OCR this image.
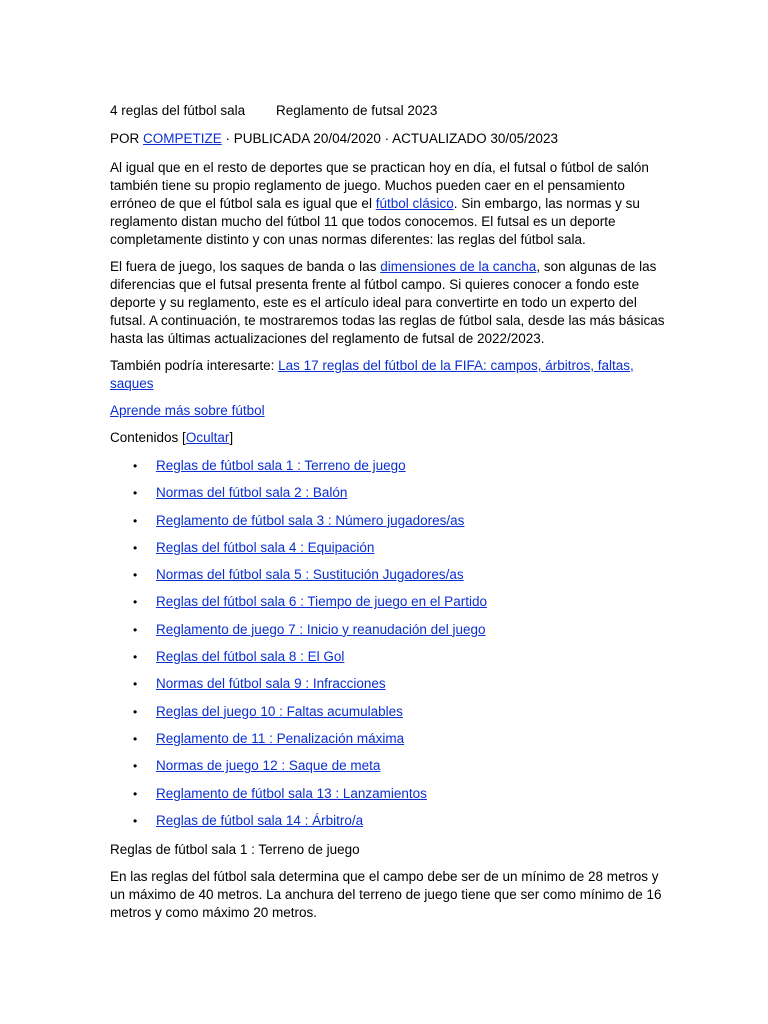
4 reglas del fútbol sala	Reglamento de futsal 2023

POR COMPETIZE · PUBLICADA 20/04/2020 · ACTUALIZADO 30/05/2023

Al igual que en el resto de deportes que se practican hoy en día, el futsal o fútbol de salón también tiene su propio reglamento de juego. Muchos pueden caer en el pensamiento erróneo de que el fútbol sala es igual que el fútbol clásico. Sin embargo, las normas y su reglamento distan mucho del fútbol 11 que todos conocemos. El futsal es un deporte completamente distinto y con unas normas diferentes: las reglas del fútbol sala.

El fuera de juego, los saques de banda o las dimensiones de la cancha, son algunas de las diferencias que el futsal presenta frente al fútbol campo. Si quieres conocer a fondo este deporte y su reglamento, este es el artículo ideal para convertirte en todo un experto del futsal. A continuación, te mostraremos todas las reglas de fútbol sala, desde las más básicas hasta las últimas actualizaciones del reglamento de futsal de 2022/2023.

También podría interesarte: Las 17 reglas del fútbol de la FIFA: campos, árbitros, faltas, saques

Aprende más sobre fútbol

Contenidos [Ocultar]

• Reglas de fútbol sala 1 : Terreno de juego
• Normas del fútbol sala 2 : Balón
• Reglamento de fútbol sala 3 : Número jugadores/as
• Reglas del fútbol sala 4 : Equipación
• Normas del fútbol sala 5 : Sustitución Jugadores/as
• Reglas del fútbol sala 6 : Tiempo de juego en el Partido
• Reglamento de juego 7 : Inicio y reanudación del juego
• Reglas del fútbol sala 8 : El Gol
• Normas del fútbol sala 9 : Infracciones
• Reglas del juego 10 : Faltas acumulables
• Reglamento de 11 : Penalización máxima
• Normas de juego 12 : Saque de meta
• Reglamento de fútbol sala 13 : Lanzamientos
• Reglas de fútbol sala 14 : Árbitro/a

Reglas de fútbol sala 1 : Terreno de juego

En las reglas del fútbol sala determina que el campo debe ser de un mínimo de 28 metros y un máximo de 40 metros. La anchura del terreno de juego tiene que ser como mínimo de 16 metros y como máximo 20 metros.
